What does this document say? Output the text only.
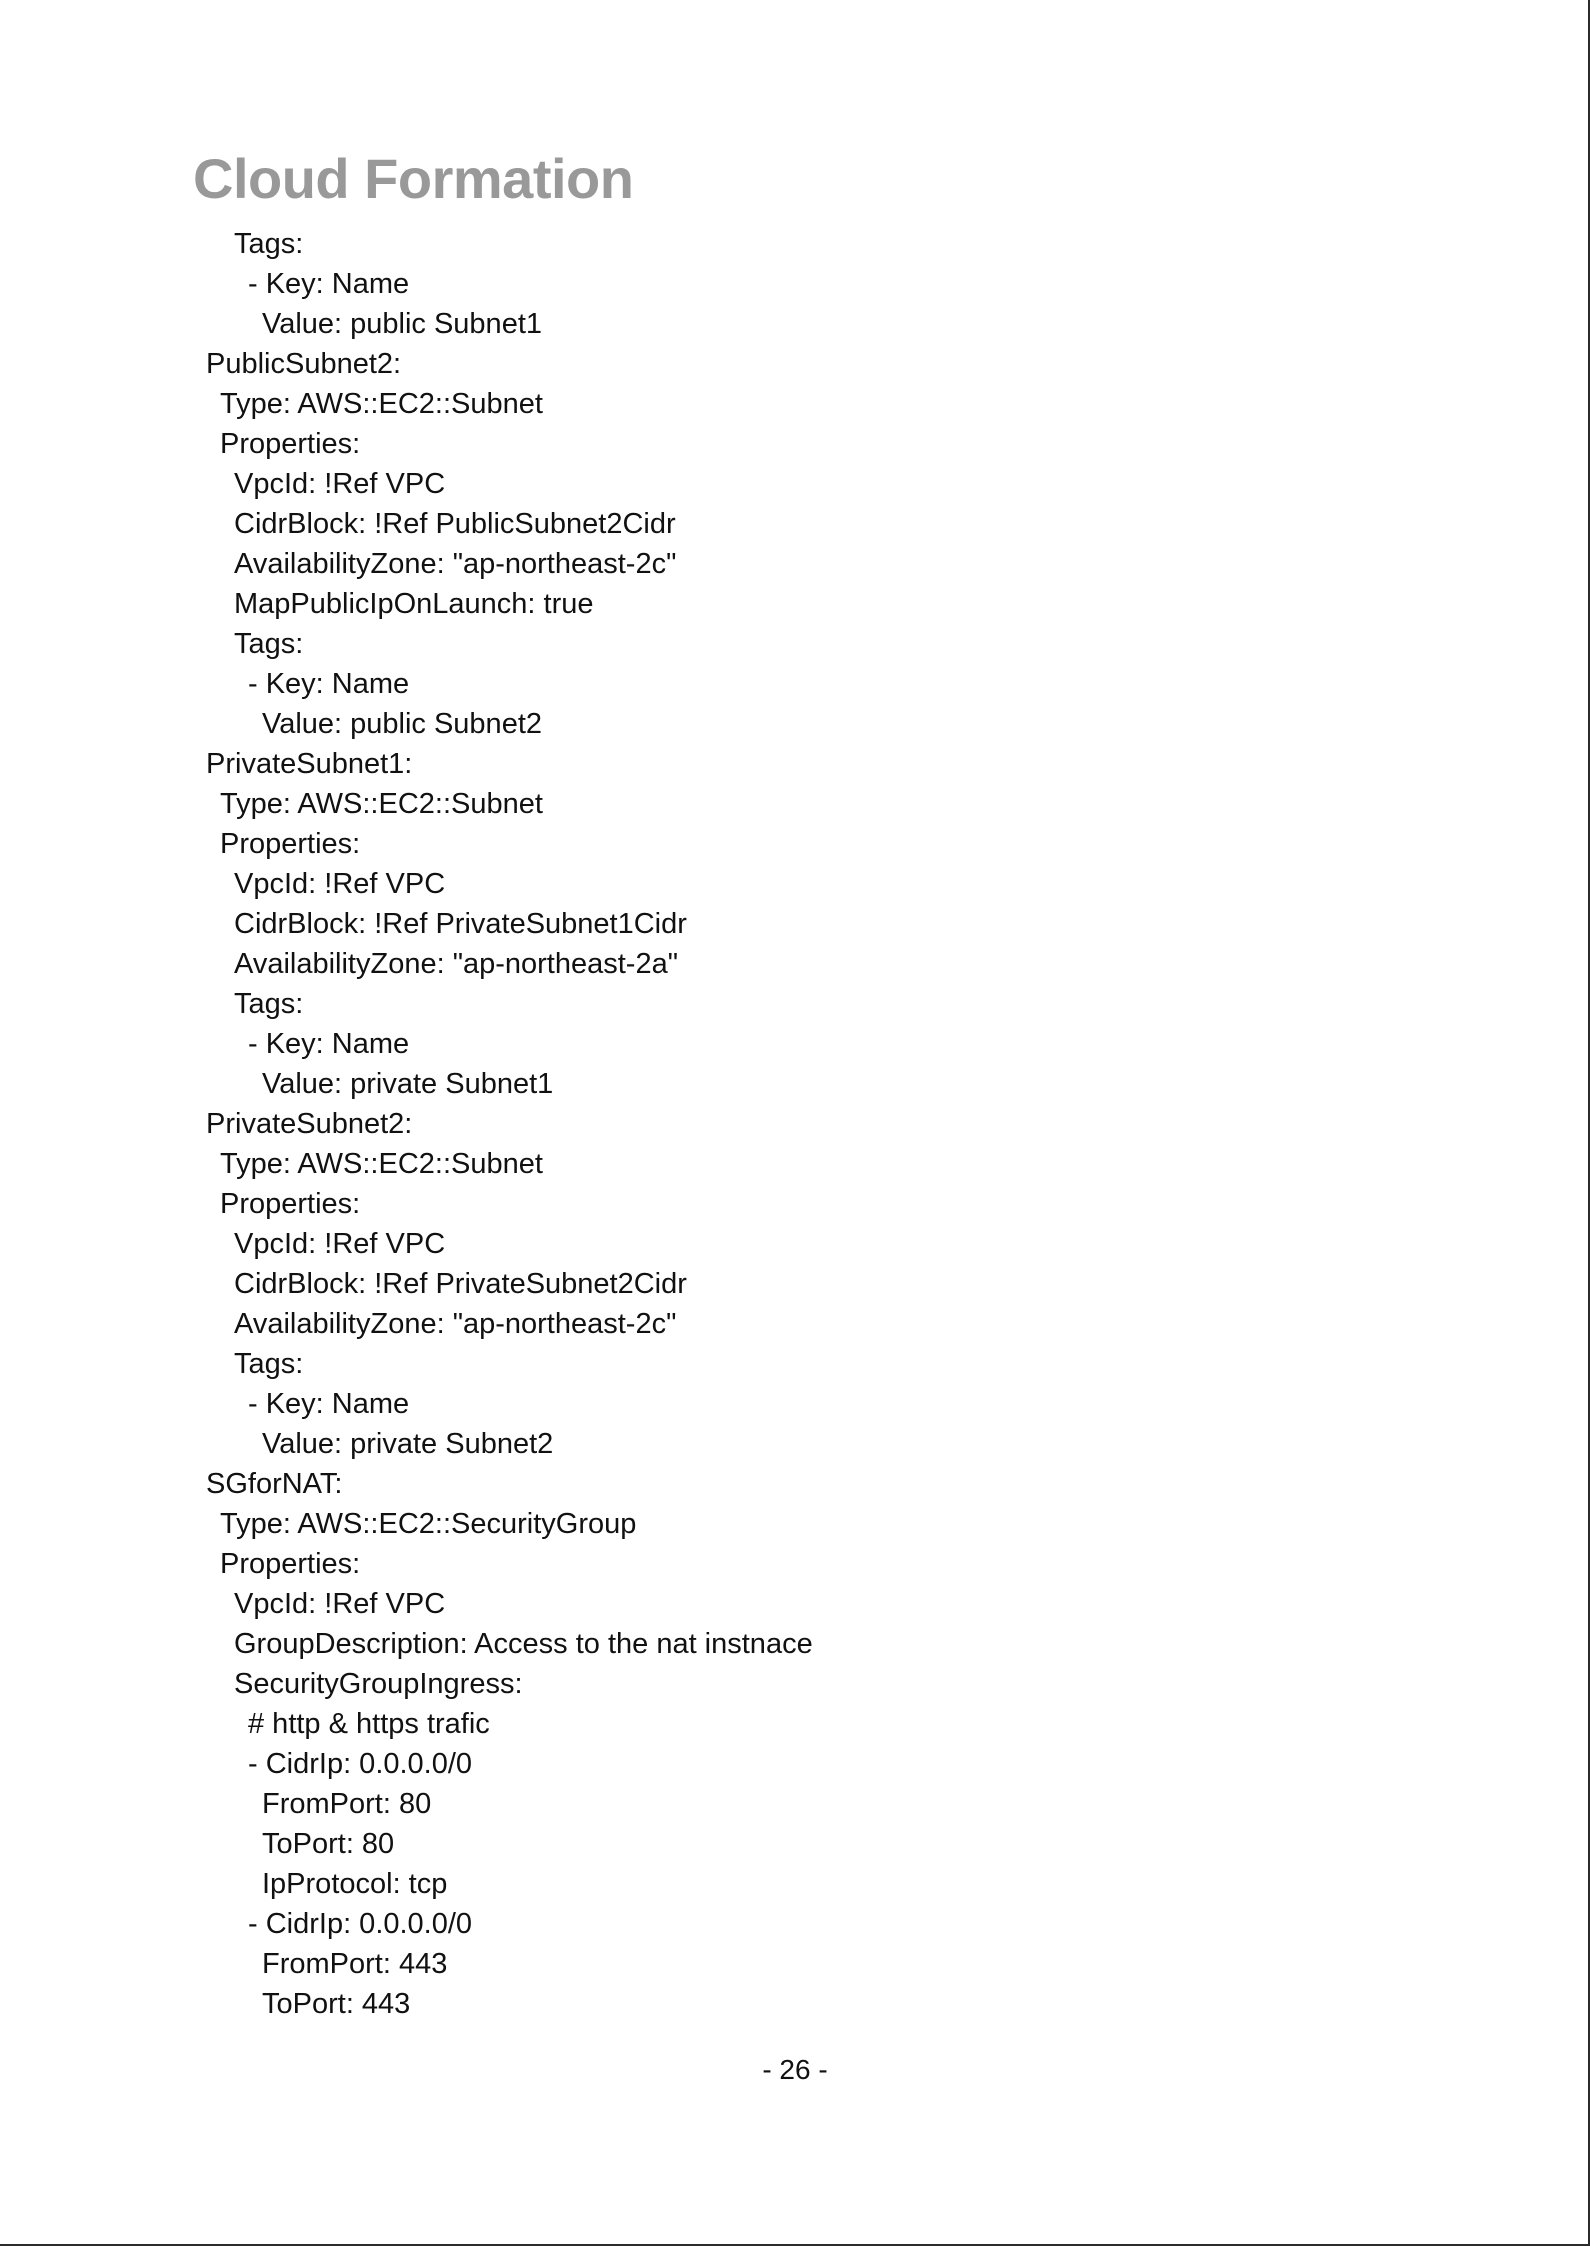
Cloud Formation
Tags:
- Key: Name
Value: public Subnet1
PublicSubnet2:
Type: AWS::EC2::Subnet
Properties:
VpcId: !Ref VPC
CidrBlock: !Ref PublicSubnet2Cidr
AvailabilityZone: "ap-northeast-2c"
MapPublicIpOnLaunch: true
Tags:
- Key: Name
Value: public Subnet2
PrivateSubnet1:
Type: AWS::EC2::Subnet
Properties:
VpcId: !Ref VPC
CidrBlock: !Ref PrivateSubnet1Cidr
AvailabilityZone: "ap-northeast-2a"
Tags:
- Key: Name
Value: private Subnet1
PrivateSubnet2:
Type: AWS::EC2::Subnet
Properties:
VpcId: !Ref VPC
CidrBlock: !Ref PrivateSubnet2Cidr
AvailabilityZone: "ap-northeast-2c"
Tags:
- Key: Name
Value: private Subnet2
SGforNAT:
Type: AWS::EC2::SecurityGroup
Properties:
VpcId: !Ref VPC
GroupDescription: Access to the nat instnace
SecurityGroupIngress:
# http & https trafic
- CidrIp: 0.0.0.0/0
FromPort: 80
ToPort: 80
IpProtocol: tcp
- CidrIp: 0.0.0.0/0
FromPort: 443
ToPort: 443
- 26 -
